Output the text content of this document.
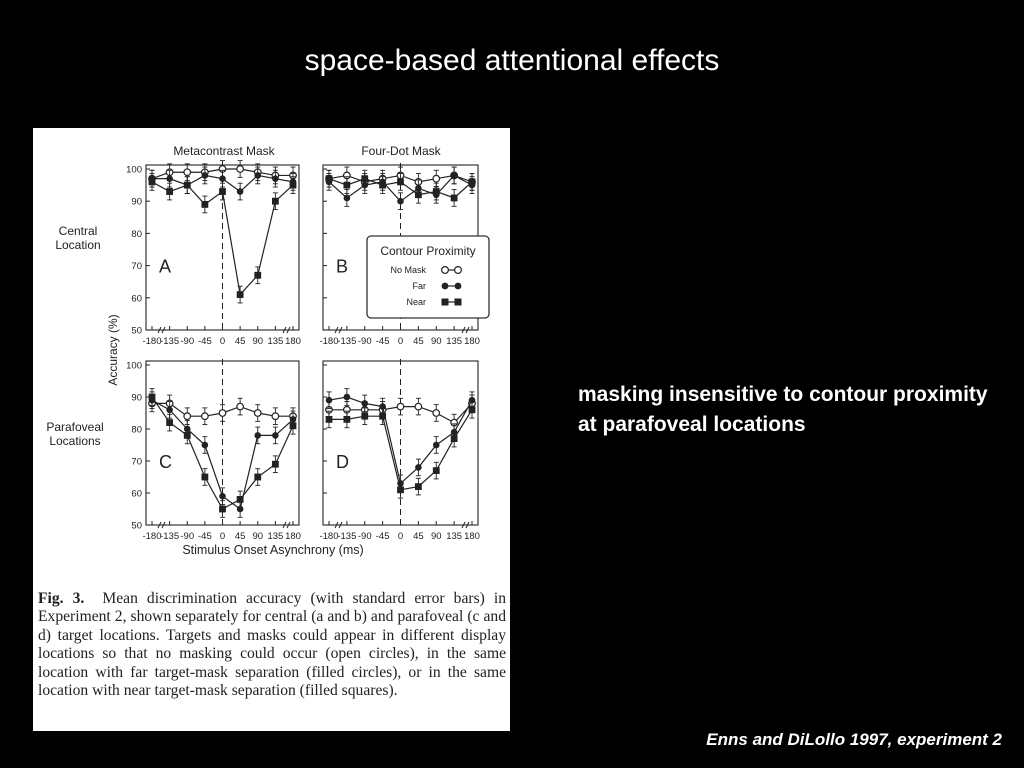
space-based attentional effects
Metacontrast Mask	Four-Dot Mask
Central
Location
Parafoveal
Locations
Accuracy (%)
Stimulus Onset Asynchrony (ms)
-180
-135 -90 -45 0 45 90 135 180
50
60
70
80
90
100
A
-180
-135 -90 -45 0 45 90 135 180
B
-180
-135 -90 -45 0 45 90 135 180
50
60
70
80
90
100
C
-180
-135 -90 -45 0 45 90 135 180
D
Contour Proximity
No Mask
Far
Near
Fig. 3. Mean discrimination accuracy (with standard error bars) in Experiment 2, shown separately for central (a and b) and parafoveal (c and d) target locations. Targets and masks could appear in different display locations so that no masking could occur (open circles), in the same location with far target-mask separation (filled circles), or in the same location with near target-mask separation (filled squares).
masking insensitive to contour proximity at parafoveal locations
Enns and DiLollo 1997, experiment 2
